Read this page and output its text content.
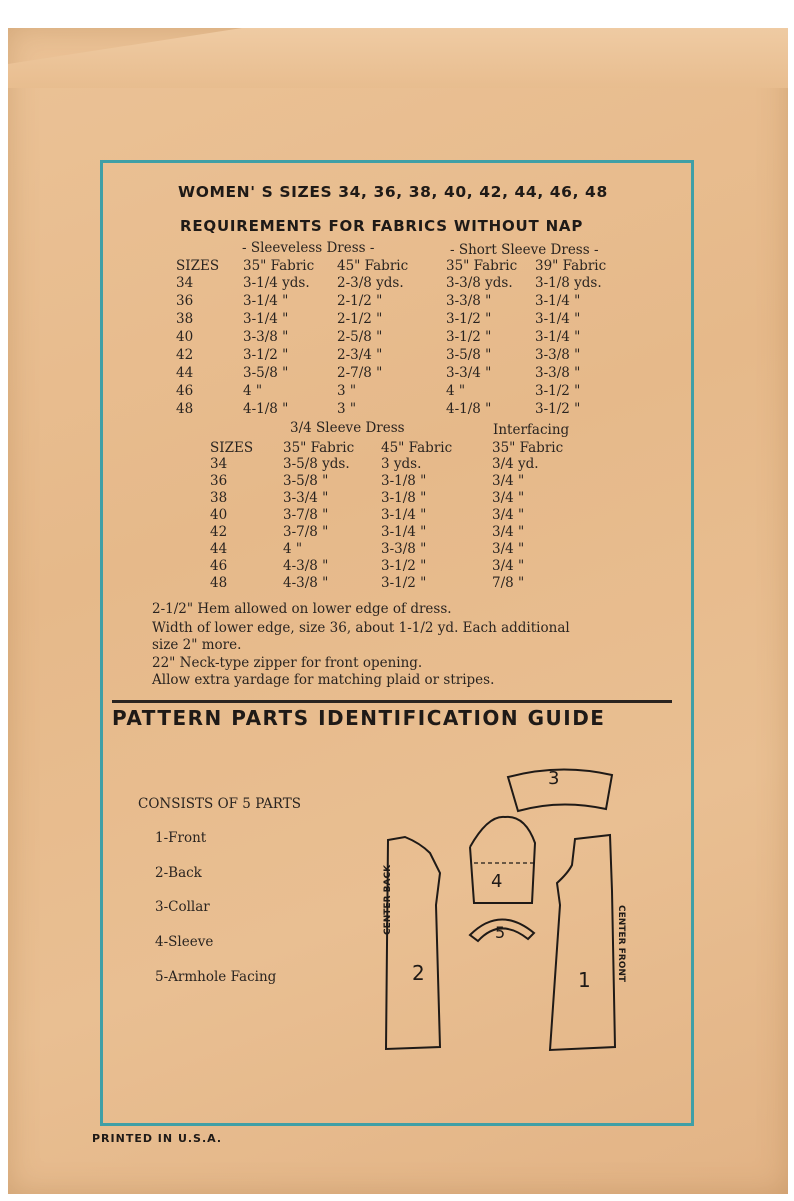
WOMEN' S SIZES 34, 36, 38, 40, 42, 44, 46, 48
REQUIREMENTS FOR FABRICS WITHOUT NAP
- Sleeveless Dress -	- Short Sleeve Dress -
SIZES 35" Fabric 45" Fabric	35" Fabric 39" Fabric
34	3-1/4 yds. 2-3/8 yds.	3-3/8 yds. 3-1/8 yds.
36	3-1/4 "	2-1/2 "	3-3/8 "	3-1/4 "
38	3-1/4 "	2-1/2 "	3-1/2 "	3-1/4 "
40	3-3/8 "	2-5/8 "	3-1/2 "	3-1/4 "
42	3-1/2 "	2-3/4 "	3-5/8 "	3-3/8 "
44	3-5/8 "	2-7/8 "	3-3/4 "	3-3/8 "
46	4 "	3 "	4 "	3-1/2 "
48	4-1/8 "	3 "	4-1/8 "	3-1/2 "
3/4 Sleeve Dress	Interfacing
SIZES 35" Fabric 45" Fabric	35" Fabric
34	3-5/8 yds. 3 yds.	3/4 yd.
36	3-5/8 "	3-1/8 "	3/4 "
38	3-3/4 "	3-1/8 "	3/4 "
40	3-7/8 "	3-1/4 "	3/4 "
42	3-7/8 "	3-1/4 "	3/4 "
44	4 "	3-3/8 "	3/4 "
46	4-3/8 "	3-1/2 "	3/4 "
48	4-3/8 "	3-1/2 "	7/8 "
2-1/2" Hem allowed on lower edge of dress.
Width of lower edge, size 36, about 1-1/2 yd. Each additional
size 2" more.
22" Neck-type zipper for front opening.
Allow extra yardage for matching plaid or stripes.
PATTERN PARTS IDENTIFICATION GUIDE
CONSISTS OF 5 PARTS
1-Front
2-Back
3-Collar
4-Sleeve
5-Armhole Facing	2	1
4
3
5
CENTER BACK
CENTER FRONT
PRINTED IN U.S.A.
